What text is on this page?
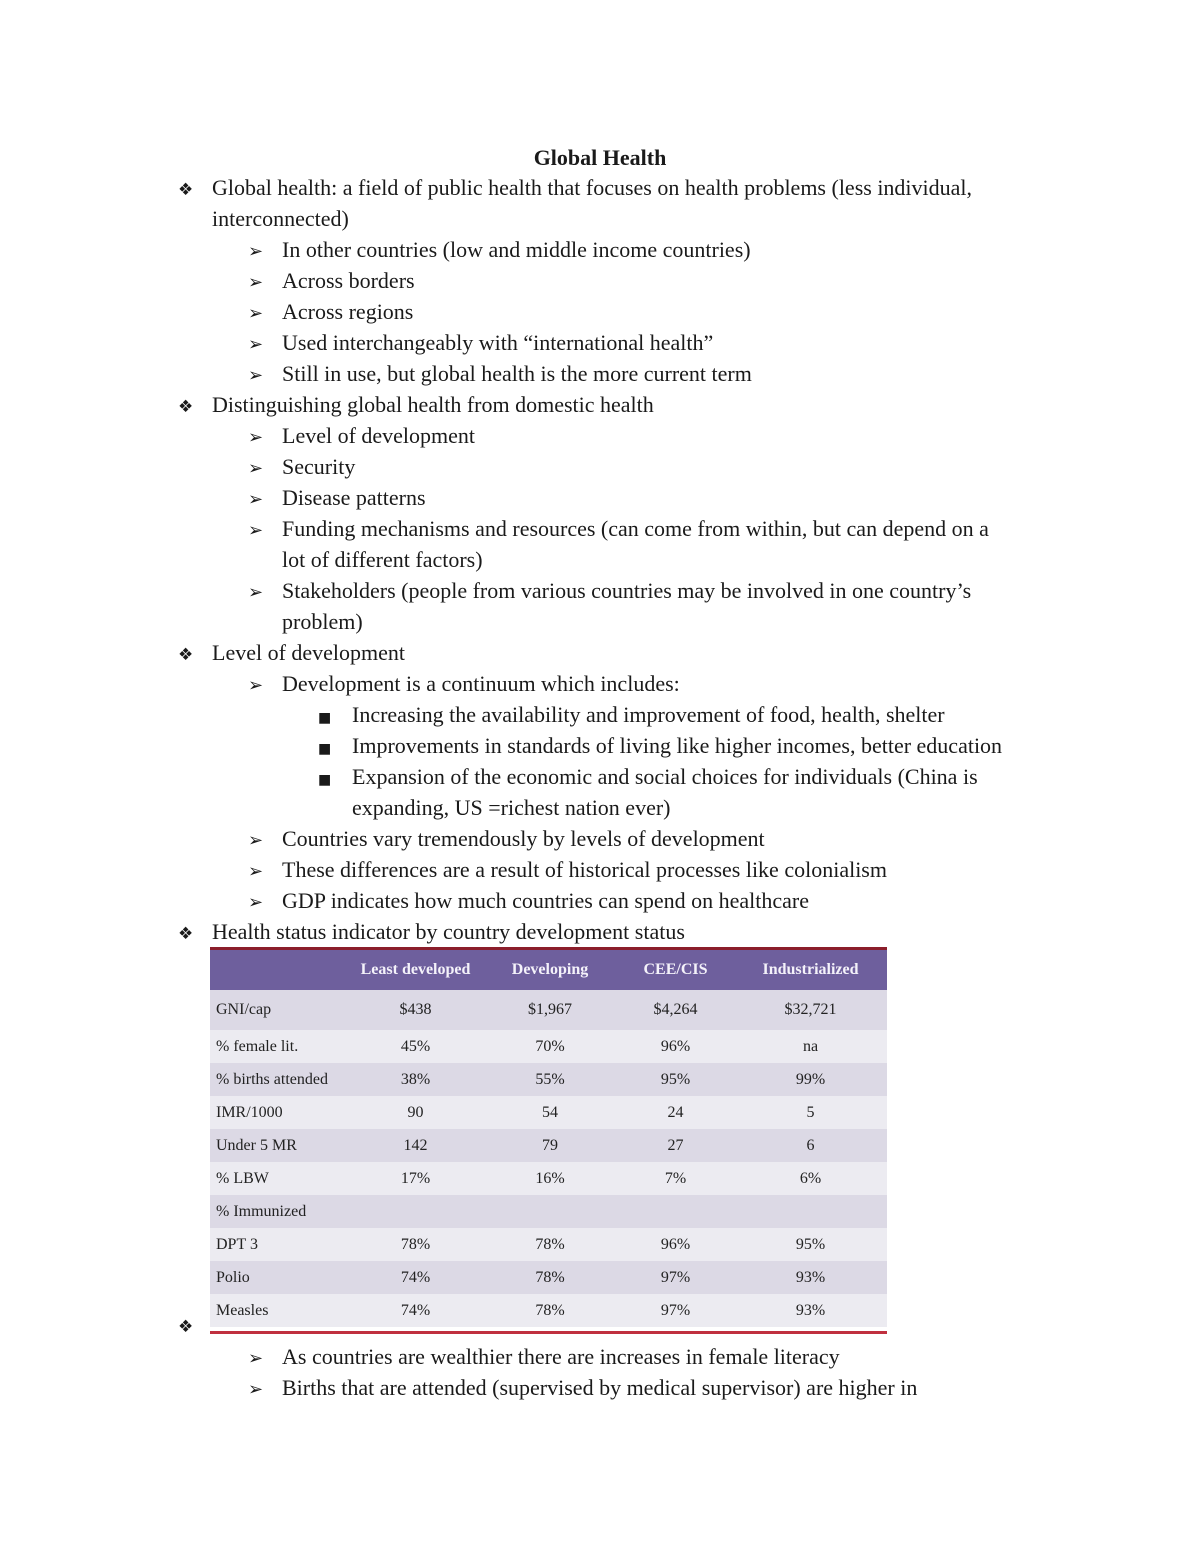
Global Health
❖ Global health: a field of public health that focuses on health problems (less individual,
interconnected)
➢ In other countries (low and middle income countries)
➢ Across borders
➢ Across regions
➢ Used interchangeably with “international health”
➢ Still in use, but global health is the more current term
❖ Distinguishing global health from domestic health
➢ Level of development
➢ Security
➢ Disease patterns
➢ Funding mechanisms and resources (can come from within, but can depend on a
lot of different factors)
➢ Stakeholders (people from various countries may be involved in one country’s
problem)
❖ Level of development
➢ Development is a continuum which includes:
■ Increasing the availability and improvement of food, health, shelter
■ Improvements in standards of living like higher incomes, better education
■ Expansion of the economic and social choices for individuals (China is
expanding, US =richest nation ever)
➢ Countries vary tremendously by levels of development
➢ These differences are a result of historical processes like colonialism
➢ GDP indicates how much countries can spend on healthcare
❖ Health status indicator by country development status
	Least developed	Developing	CEE/CIS	Industrialized
GNI/cap	$438	$1,967	$4,264	$32,721
% female lit.	45%	70%	96%	na
% births attended	38%	55%	95%	99%
IMR/1000	90	54	24	5
Under 5 MR	142	79	27	6
% LBW	17%	16%	7%	6%
% Immunized				
DPT 3	78%	78%	96%	95%
Polio	74%	78%	97%	93%
Measles	74%	78%	97%	93%
❖
➢ As countries are wealthier there are increases in female literacy
➢ Births that are attended (supervised by medical supervisor) are higher in
